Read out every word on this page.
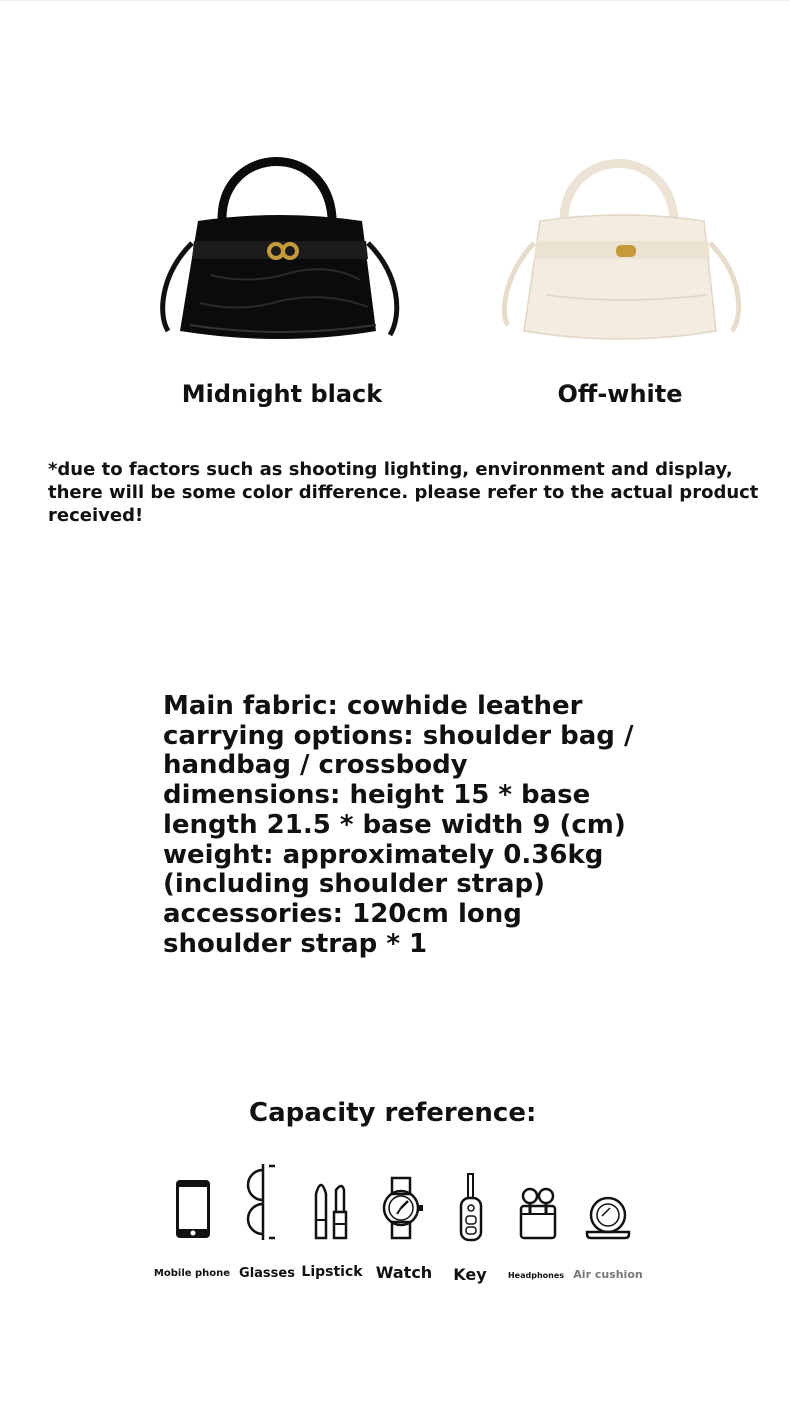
Midnight black	Off-white
*due to factors such as shooting lighting, environment and display, there will be some color difference. please refer to the actual product received!
Main fabric: cowhide leather carrying options: shoulder bag / handbag / crossbody dimensions: height 15 * base length 21.5 * base width 9 (cm) weight: approximately 0.36kg (including shoulder strap) accessories: 120cm long shoulder strap * 1
Capacity reference:
Mobile phone Glasses Lipstick Watch	Key	Headphones Air cushion
